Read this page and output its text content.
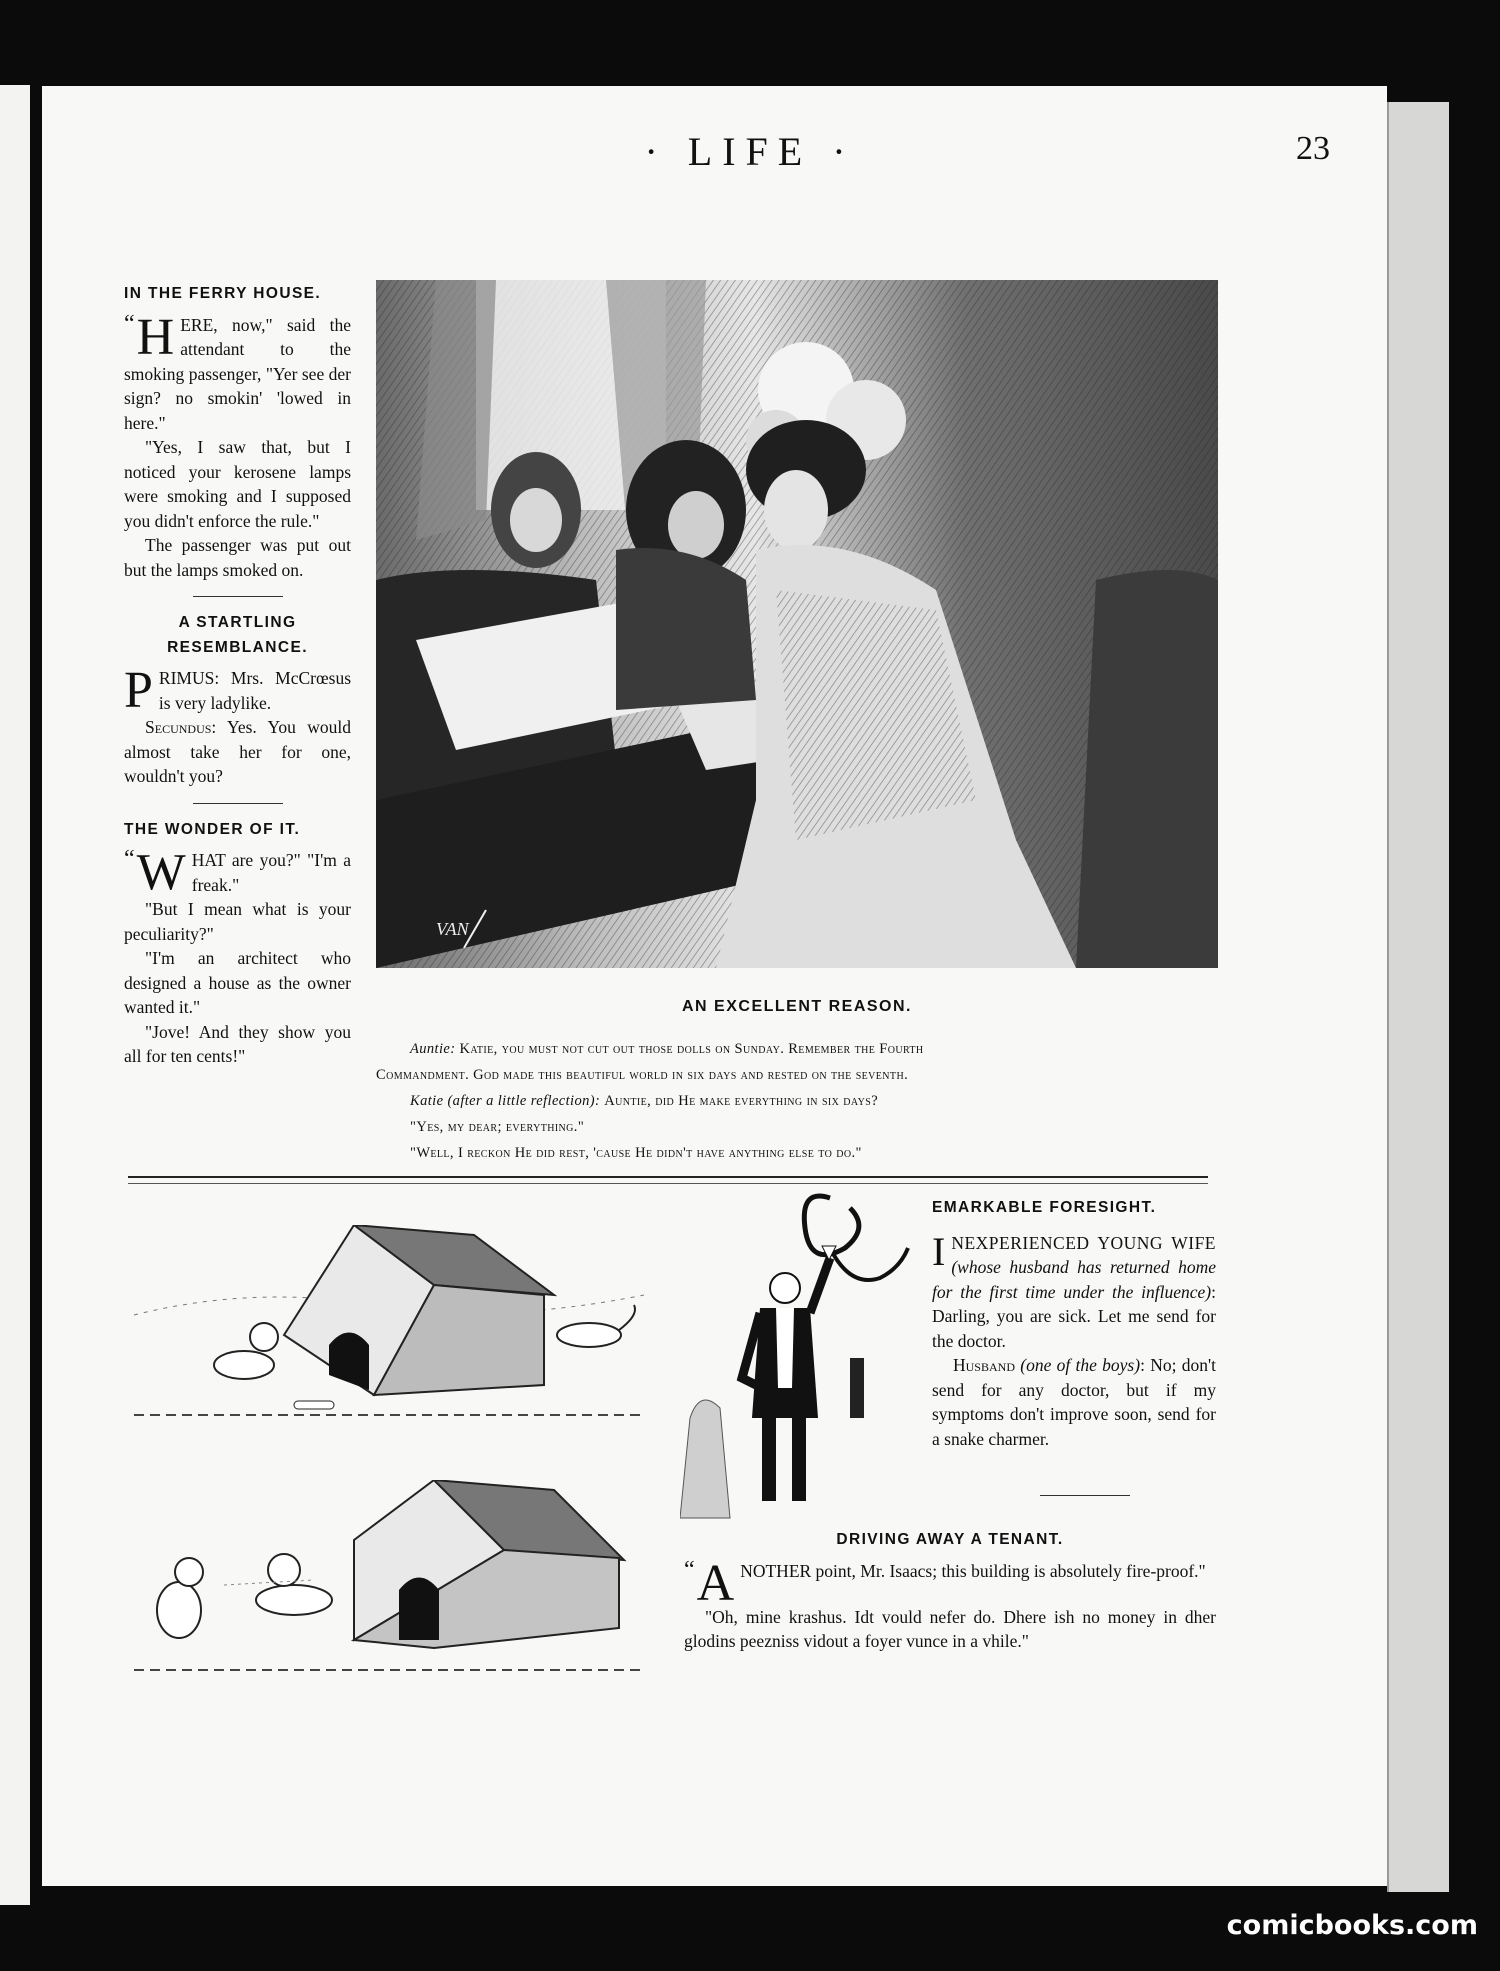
· LIFE ·	23
IN THE FERRY HOUSE.

“ H ERE, now," said the attendant to the smoking passenger, "Yer see der sign? no smokin' 'lowed in here."

"Yes, I saw that, but I noticed your kerosene lamps were smoking and I supposed you didn't enforce the rule."

The passenger was put out but the lamps smoked on.

A STARTLING RESEMBLANCE.

PRIMUS: Mrs. McCrœsus is very ladylike.

Secundus: Yes. You would almost take her for one, wouldn't you?

THE WONDER OF IT.

“ W HAT are you?" "I'm a freak."

"But I mean what is your peculiarity?"

"I'm an architect who designed a house as the owner wanted it."

"Jove! And they show you all for ten cents!"

VAN
AN EXCELLENT REASON.

Auntie: Katie, you must not cut out those dolls on Sunday. Remember the Fourth

Commandment. God made this beautiful world in six days and rested on the seventh.

Katie (after a little reflection): Auntie, did He make everything in six days?

"Yes, my dear; everything."

"Well, I reckon He did rest, 'cause He didn't have anything else to do."

EMARKABLE FORESIGHT.

INEXPERIENCED YOUNG WIFE (whose husband has returned home for the first time under the influence): Darling, you are sick. Let me send for the doctor.

Husband (one of the boys): No; don't send for any doctor, but if my symptoms don't improve soon, send for a snake charmer.

DRIVING AWAY A TENANT.

“ A NOTHER point, Mr. Isaacs; this building is absolutely fire-proof."

"Oh, mine krashus. Idt vould nefer do. Dhere ish no money in dher glodins peezniss vidout a foyer vunce in a vhile."

comicbooks.com
